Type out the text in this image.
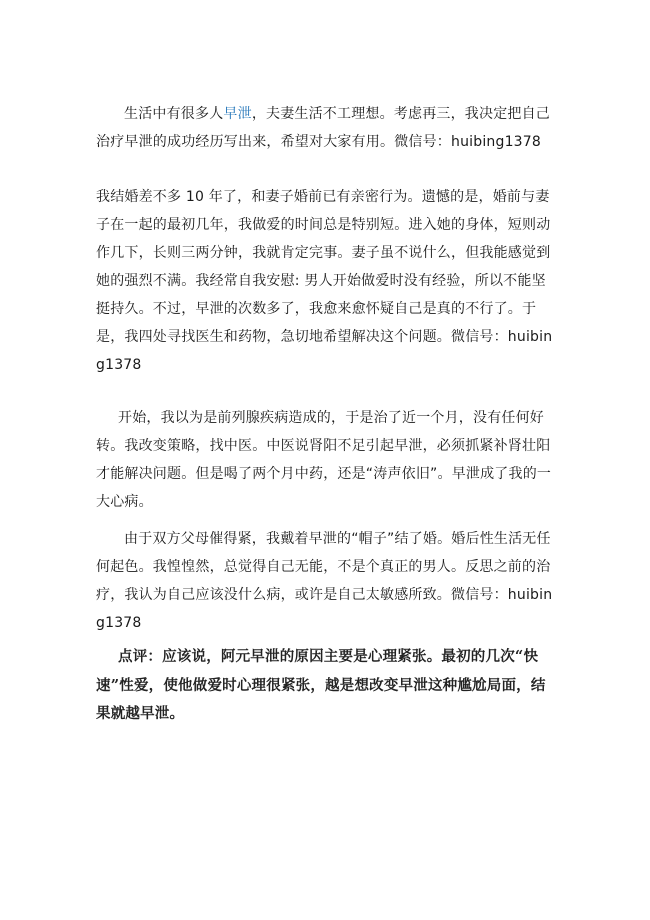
生活中有很多人早泄，夫妻生活不工理想。考虑再三，我决定把自己治疗早泄的成功经历写出来，希望对大家有用。微信号：huibing1378

我结婚差不多 10 年了，和妻子婚前已有亲密行为。遗憾的是，婚前与妻子在一起的最初几年，我做爱的时间总是特别短。进入她的身体，短则动作几下，长则三两分钟，我就肯定完事。妻子虽不说什么，但我能感觉到她的强烈不满。我经常自我安慰: 男人开始做爱时没有经验，所以不能坚挺持久。不过，早泄的次数多了，我愈来愈怀疑自己是真的不行了。于是，我四处寻找医生和药物，急切地希望解决这个问题。微信号：huibing1378

开始，我以为是前列腺疾病造成的，于是治了近一个月，没有任何好转。我改变策略，找中医。中医说肾阳不足引起早泄，必须抓紧补肾壮阳才能解决问题。但是喝了两个月中药，还是“涛声依旧”。早泄成了我的一大心病。

由于双方父母催得紧，我戴着早泄的“帽子”结了婚。婚后性生活无任何起色。我惶惶然，总觉得自己无能，不是个真正的男人。反思之前的治疗，我认为自己应该没什么病，或许是自己太敏感所致。微信号：huibing1378

点评：应该说，阿元早泄的原因主要是心理紧张。最初的几次“快速”性爱，使他做爱时心理很紧张，越是想改变早泄这种尴尬局面，结果就越早泄。
